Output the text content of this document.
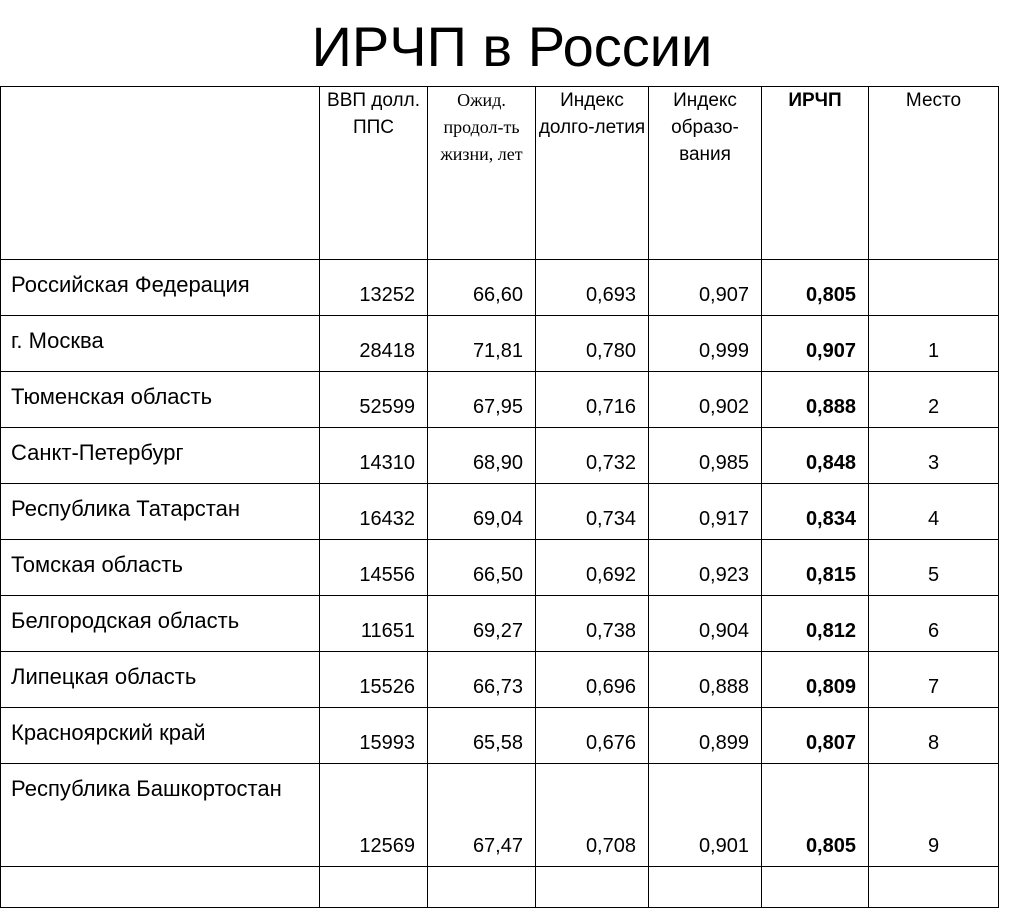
ИРЧП в России
	ВВП долл. ППС	Ожид. продол-ть жизни, лет	Индекс долго-летия	Индекс образо-вания	ИРЧП	Место
Российская Федерация	13252	66,60	0,693	0,907	0,805	
г. Москва	28418	71,81	0,780	0,999	0,907	1
Тюменская область	52599	67,95	0,716	0,902	0,888	2
Санкт-Петербург	14310	68,90	0,732	0,985	0,848	3
Республика Татарстан	16432	69,04	0,734	0,917	0,834	4
Томская область	14556	66,50	0,692	0,923	0,815	5
Белгородская область	11651	69,27	0,738	0,904	0,812	6
Липецкая область	15526	66,73	0,696	0,888	0,809	7
Красноярский край	15993	65,58	0,676	0,899	0,807	8
Республика Башкортостан	12569	67,47	0,708	0,901	0,805	9
